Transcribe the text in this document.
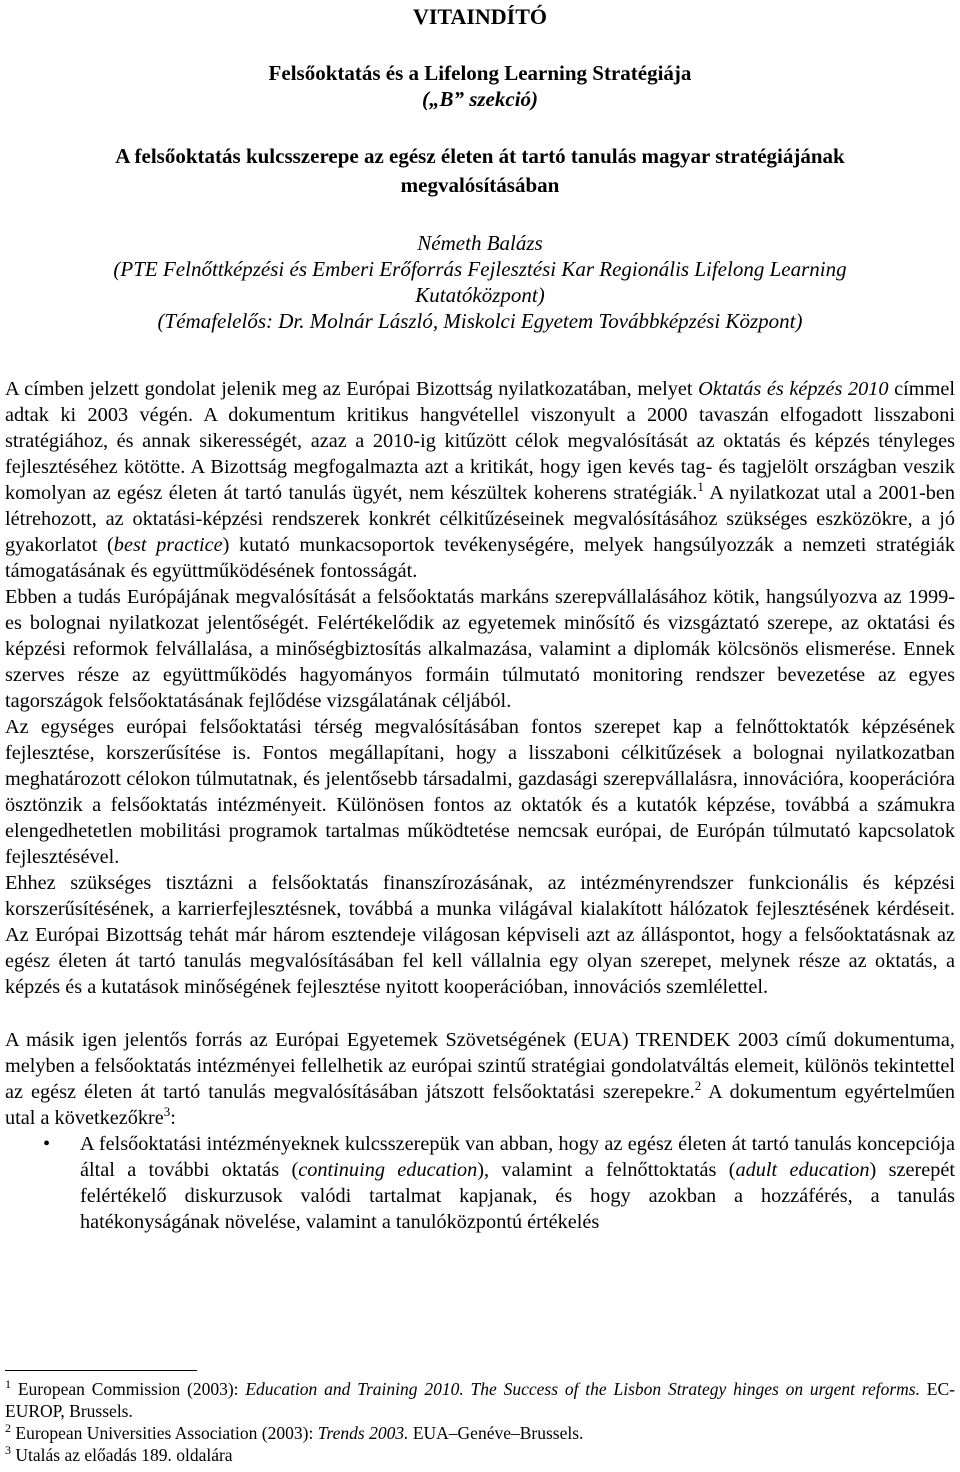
VITAINDÍTÓ
Felsőoktatás és a Lifelong Learning Stratégiája
(„B” szekció)
A felsőoktatás kulcsszerepe az egész életen át tartó tanulás magyar stratégiájának
megvalósításában
Németh Balázs
(PTE Felnőttképzési és Emberi Erőforrás Fejlesztési Kar Regionális Lifelong Learning
Kutatóközpont)
(Témafelelős: Dr. Molnár László, Miskolci Egyetem Továbbképzési Központ)

A címben jelzett gondolat jelenik meg az Európai Bizottság nyilatkozatában, melyet Oktatás és képzés 2010 címmel adtak ki 2003 végén. A dokumentum kritikus hangvétellel viszonyult a 2000 tavaszán elfogadott lisszaboni stratégiához, és annak sikerességét, azaz a 2010-ig kitűzött célok megvalósítását az oktatás és képzés tényleges fejlesztéséhez kötötte. A Bizottság megfogalmazta azt a kritikát, hogy igen kevés tag- és tagjelölt országban veszik komolyan az egész életen át tartó tanulás ügyét, nem készültek koherens stratégiák.$^1$ A nyilatkozat utal a 2001-ben létrehozott, az oktatási-képzési rendszerek konkrét célkitűzéseinek megvalósításához szükséges eszközökre, a jó gyakorlatot (best practice) kutató munkacsoportok tevékenységére, melyek hangsúlyozzák a nemzeti stratégiák támogatásának és együttműködésének fontosságát.

Ebben a tudás Európájának megvalósítását a felsőoktatás markáns szerepvállalásához kötik, hangsúlyozva az 1999-es bolognai nyilatkozat jelentőségét. Felértékelődik az egyetemek minősítő és vizsgáztató szerepe, az oktatási és képzési reformok felvállalása, a minőségbiztosítás alkalmazása, valamint a diplomák kölcsönös elismerése. Ennek szerves része az együttműködés hagyományos formáin túlmutató monitoring rendszer bevezetése az egyes tagországok felsőoktatásának fejlődése vizsgálatának céljából.

Az egységes európai felsőoktatási térség megvalósításában fontos szerepet kap a felnőttoktatók képzésének fejlesztése, korszerűsítése is. Fontos megállapítani, hogy a lisszaboni célkitűzések a bolognai nyilatkozatban meghatározott célokon túlmutatnak, és jelentősebb társadalmi, gazdasági szerepvállalásra, innovációra, kooperációra ösztönzik a felsőoktatás intézményeit. Különösen fontos az oktatók és a kutatók képzése, továbbá a számukra elengedhetetlen mobilitási programok tartalmas működtetése nemcsak európai, de Európán túlmutató kapcsolatok fejlesztésével.

Ehhez szükséges tisztázni a felsőoktatás finanszírozásának, az intézményrendszer funkcionális és képzési korszerűsítésének, a karrierfejlesztésnek, továbbá a munka világával kialakított hálózatok fejlesztésének kérdéseit. Az Európai Bizottság tehát már három esztendeje világosan képviseli azt az álláspontot, hogy a felsőoktatásnak az egész életen át tartó tanulás megvalósításában fel kell vállalnia egy olyan szerepet, melynek része az oktatás, a képzés és a kutatások minőségének fejlesztése nyitott kooperációban, innovációs szemlélettel.

A másik igen jelentős forrás az Európai Egyetemek Szövetségének (EUA) TRENDEK 2003 című dokumentuma, melyben a felsőoktatás intézményei fellelhetik az európai szintű stratégiai gondolatváltás elemeit, különös tekintettel az egész életen át tartó tanulás megvalósításában játszott felsőoktatási szerepekre.$^2$ A dokumentum egyértelműen utal a következőkre$^3$:

• A felsőoktatási intézményeknek kulcsszerepük van abban, hogy az egész életen át tartó tanulás koncepciója által a további oktatás (continuing education), valamint a felnőttoktatás (adult education) szerepét felértékelő diskurzusok valódi tartalmat kapjanak, és hogy azokban a hozzáférés, a tanulás hatékonyságának növelése, valamint a tanulóközpontú értékelés

$^1$ European Commission (2003): Education and Training 2010. The Success of the Lisbon Strategy hinges on urgent reforms. EC-EUROP, Brussels.

$^2$ European Universities Association (2003): Trends 2003. EUA–Genéve–Brussels.

$^3$ Utalás az előadás 189. oldalára
